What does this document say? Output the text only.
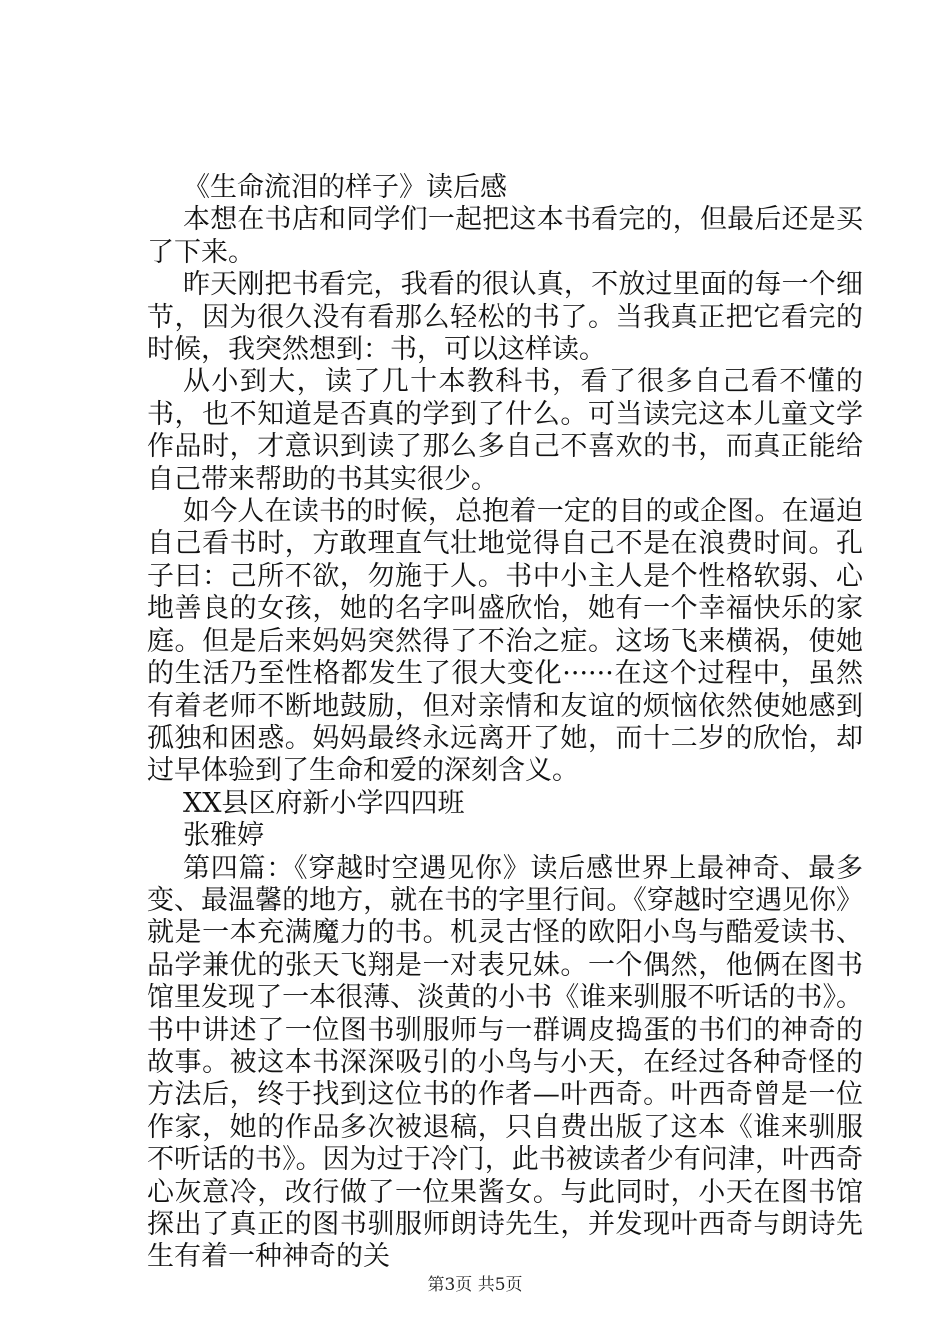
《生命流泪的样子》读后感

本想在书店和同学们一起把这本书看完的，但最后还是买了下来。

昨天刚把书看完，我看的很认真，不放过里面的每一个细节，因为很久没有看那么轻松的书了。当我真正把它看完的时候，我突然想到：书，可以这样读。

从小到大，读了几十本教科书，看了很多自己看不懂的书，也不知道是否真的学到了什么。可当读完这本儿童文学作品时，才意识到读了那么多自己不喜欢的书，而真正能给自己带来帮助的书其实很少。

如今人在读书的时候，总抱着一定的目的或企图。在逼迫自己看书时，方敢理直气壮地觉得自己不是在浪费时间。孔子曰：己所不欲，勿施于人。书中小主人是个性格软弱、心地善良的女孩，她的名字叫盛欣怡，她有一个幸福快乐的家庭。但是后来妈妈突然得了不治之症。这场飞来横祸，使她的生活乃至性格都发生了很大变化······在这个过程中，虽然有着老师不断地鼓励，但对亲情和友谊的烦恼依然使她感到孤独和困惑。妈妈最终永远离开了她，而十二岁的欣怡，却过早体验到了生命和爱的深刻含义。

XX县区府新小学四四班

张雅婷

第四篇：《穿越时空遇见你》读后感世界上最神奇、最多变、最温馨的地方，就在书的字里行间。《穿越时空遇见你》就是一本充满魔力的书。机灵古怪的欧阳小鸟与酷爱读书、品学兼优的张天飞翔是一对表兄妹。一个偶然，他俩在图书馆里发现了一本很薄、淡黄的小书《谁来驯服不听话的书》。书中讲述了一位图书驯服师与一群调皮捣蛋的书们的神奇的故事。被这本书深深吸引的小鸟与小天，在经过各种奇怪的方法后，终于找到这位书的作者—叶西奇。叶西奇曾是一位作家，她的作品多次被退稿，只自费出版了这本《谁来驯服不听话的书》。因为过于冷门，此书被读者少有问津，叶西奇心灰意冷，改行做了一位果酱女。与此同时，小天在图书馆探出了真正的图书驯服师朗诗先生，并发现叶西奇与朗诗先生有着一种神奇的关

第3页 共5页
